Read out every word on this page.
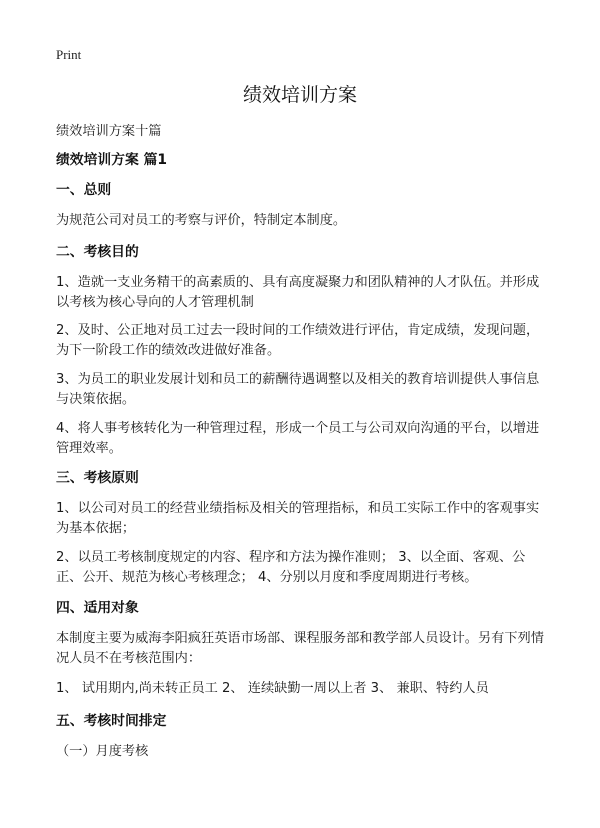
Print
绩效培训方案
绩效培训方案十篇
绩效培训方案 篇1
一、总则
为规范公司对员工的考察与评价，特制定本制度。
二、考核目的
1、造就一支业务精干的高素质的、具有高度凝聚力和团队精神的人才队伍。并形成以考核为核心导向的人才管理机制
2、及时、公正地对员工过去一段时间的工作绩效进行评估，肯定成绩，发现问题，为下一阶段工作的绩效改进做好准备。
3、为员工的职业发展计划和员工的薪酬待遇调整以及相关的教育培训提供人事信息与决策依据。
4、将人事考核转化为一种管理过程，形成一个员工与公司双向沟通的平台，以增进管理效率。
三、考核原则
1、以公司对员工的经营业绩指标及相关的管理指标，和员工实际工作中的客观事实为基本依据；
2、以员工考核制度规定的内容、程序和方法为操作准则； 3、以全面、客观、公正、公开、规范为核心考核理念； 4、分别以月度和季度周期进行考核。
四、适用对象
本制度主要为威海李阳疯狂英语市场部、课程服务部和教学部人员设计。另有下列情况人员不在考核范围内：
1、 试用期内,尚未转正员工 2、 连续缺勤一周以上者 3、 兼职、特约人员
五、考核时间排定
（一）月度考核
